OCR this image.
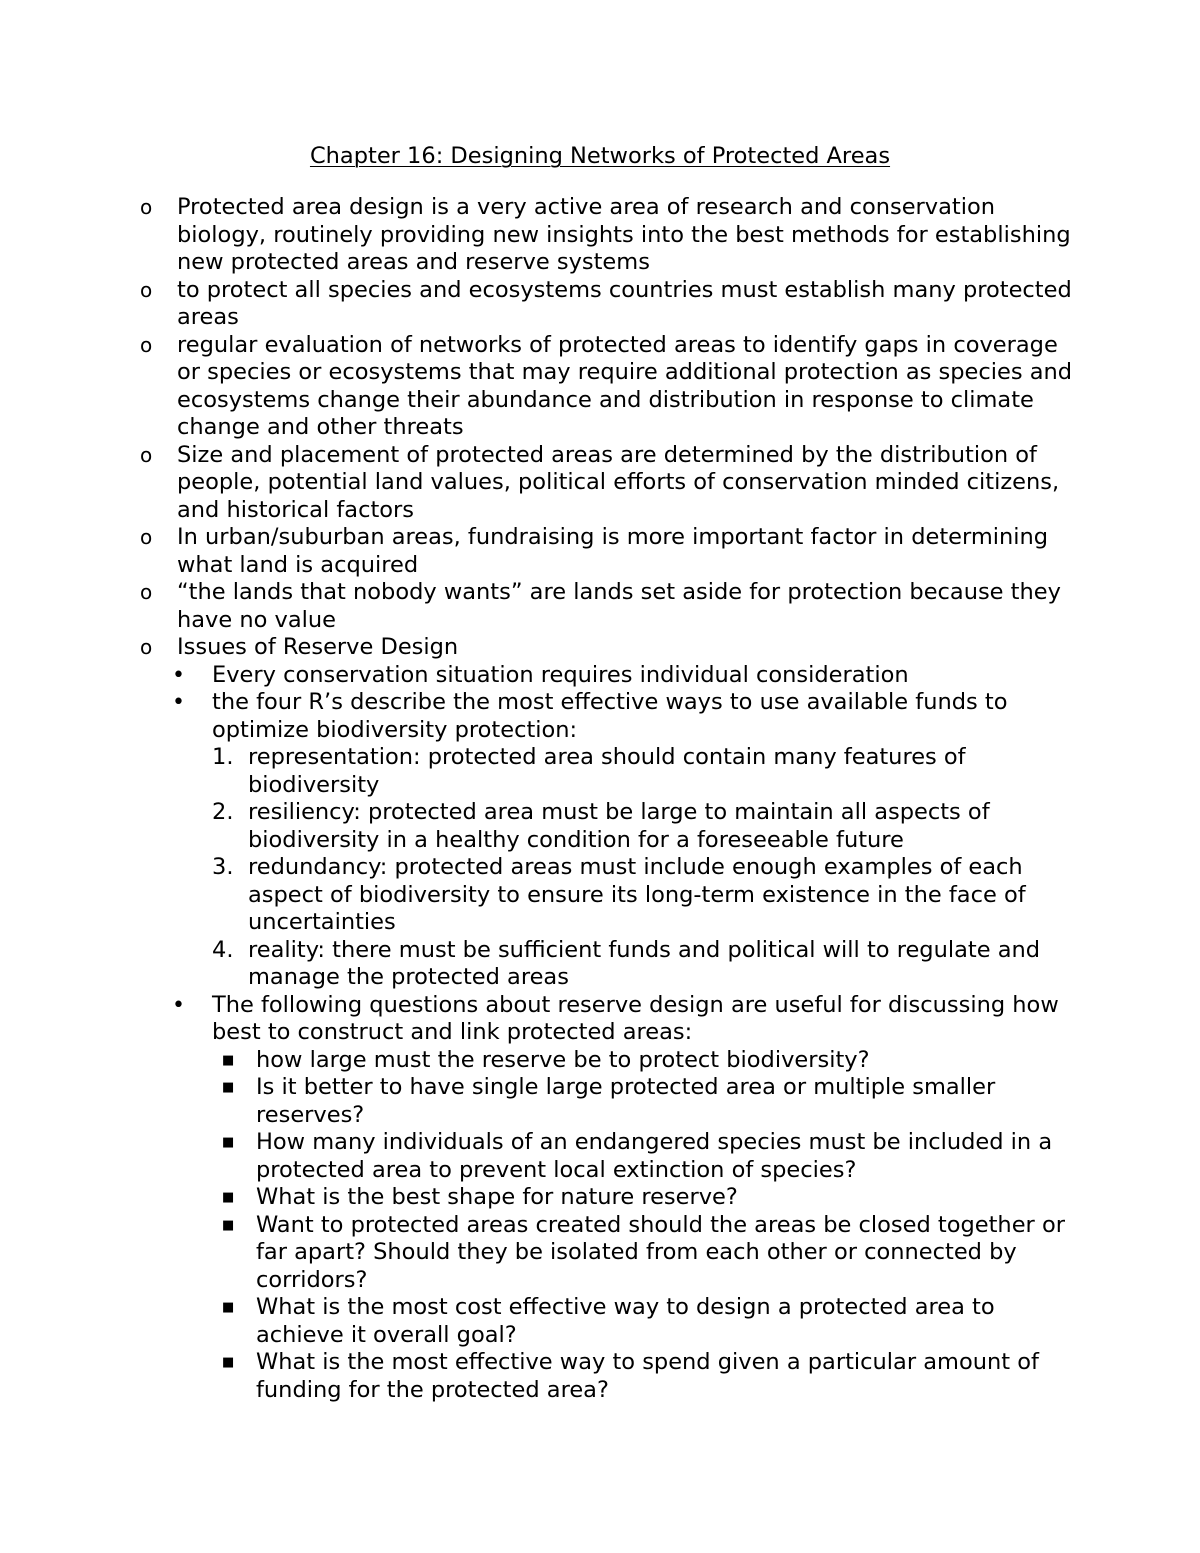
Chapter 16: Designing Networks of Protected Areas
o Protected area design is a very active area of research and conservation biology, routinely providing new insights into the best methods for establishing new protected areas and reserve systems
o to protect all species and ecosystems countries must establish many protected areas
o regular evaluation of networks of protected areas to identify gaps in coverage or species or ecosystems that may require additional protection as species and ecosystems change their abundance and distribution in response to climate change and other threats
o Size and placement of protected areas are determined by the distribution of people, potential land values, political efforts of conservation minded citizens, and historical factors
o In urban/suburban areas, fundraising is more important factor in determining what land is acquired
o “the lands that nobody wants” are lands set aside for protection because they have no value
o Issues of Reserve Design
• Every conservation situation requires individual consideration
• the four R’s describe the most effective ways to use available funds to optimize biodiversity protection:
1. representation: protected area should contain many features of biodiversity
2. resiliency: protected area must be large to maintain all aspects of biodiversity in a healthy condition for a foreseeable future
3. redundancy: protected areas must include enough examples of each aspect of biodiversity to ensure its long-term existence in the face of uncertainties
4. reality: there must be sufficient funds and political will to regulate and manage the protected areas
• The following questions about reserve design are useful for discussing how best to construct and link protected areas:
■ how large must the reserve be to protect biodiversity?
■ Is it better to have single large protected area or multiple smaller reserves?
■ How many individuals of an endangered species must be included in a protected area to prevent local extinction of species?
■ What is the best shape for nature reserve?
■ Want to protected areas created should the areas be closed together or far apart? Should they be isolated from each other or connected by corridors?
■ What is the most cost effective way to design a protected area to achieve it overall goal?
■ What is the most effective way to spend given a particular amount of funding for the protected area?
